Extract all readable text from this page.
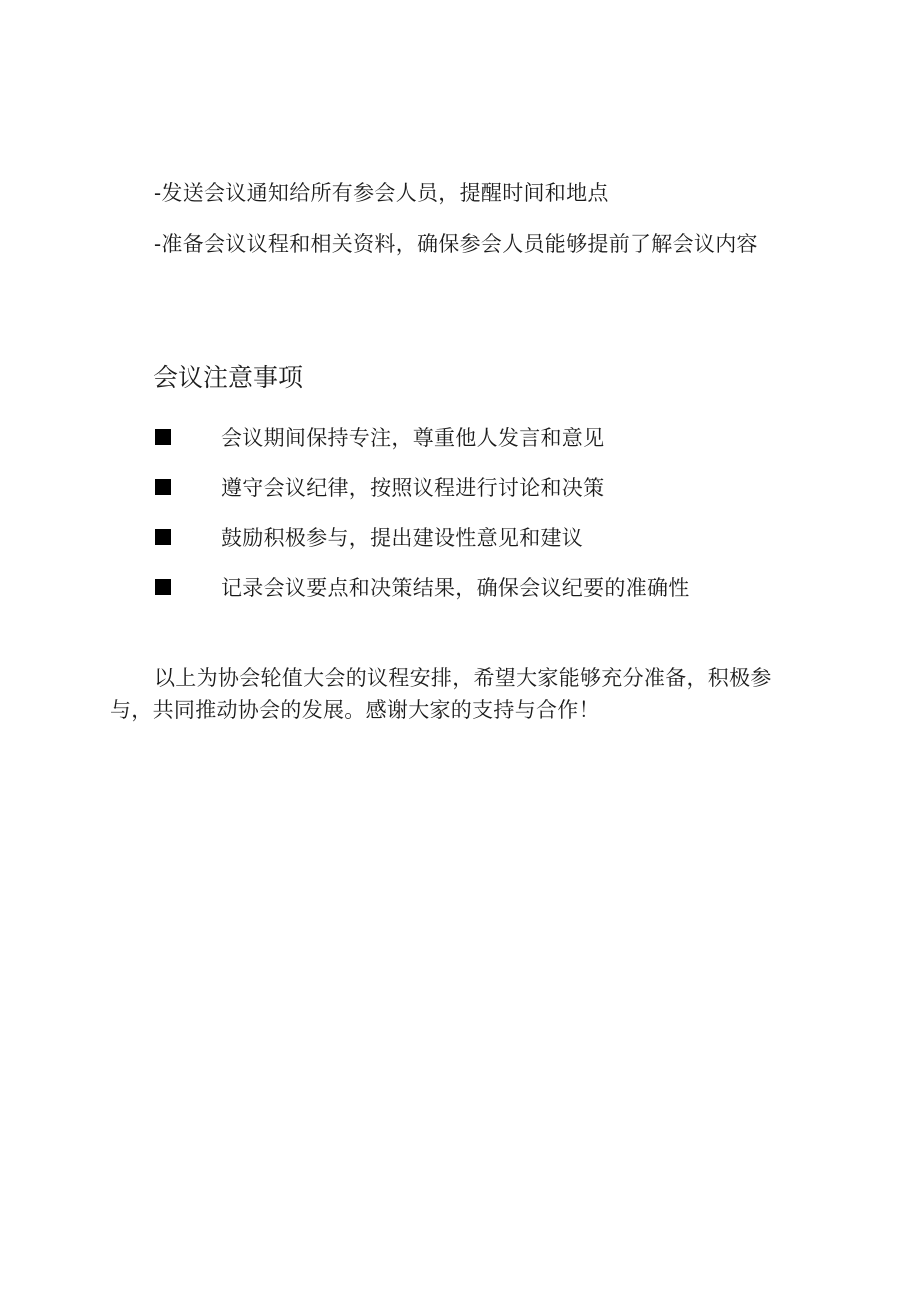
-发送会议通知给所有参会人员，提醒时间和地点

-准备会议议程和相关资料，确保参会人员能够提前了解会议内容

会议注意事项
会议期间保持专注，尊重他人发言和意见
遵守会议纪律，按照议程进行讨论和决策
鼓励积极参与，提出建设性意见和建议
记录会议要点和决策结果，确保会议纪要的准确性

以上为协会轮值大会的议程安排，希望大家能够充分准备，积极参与，共同推动协会的发展。感谢大家的支持与合作！
